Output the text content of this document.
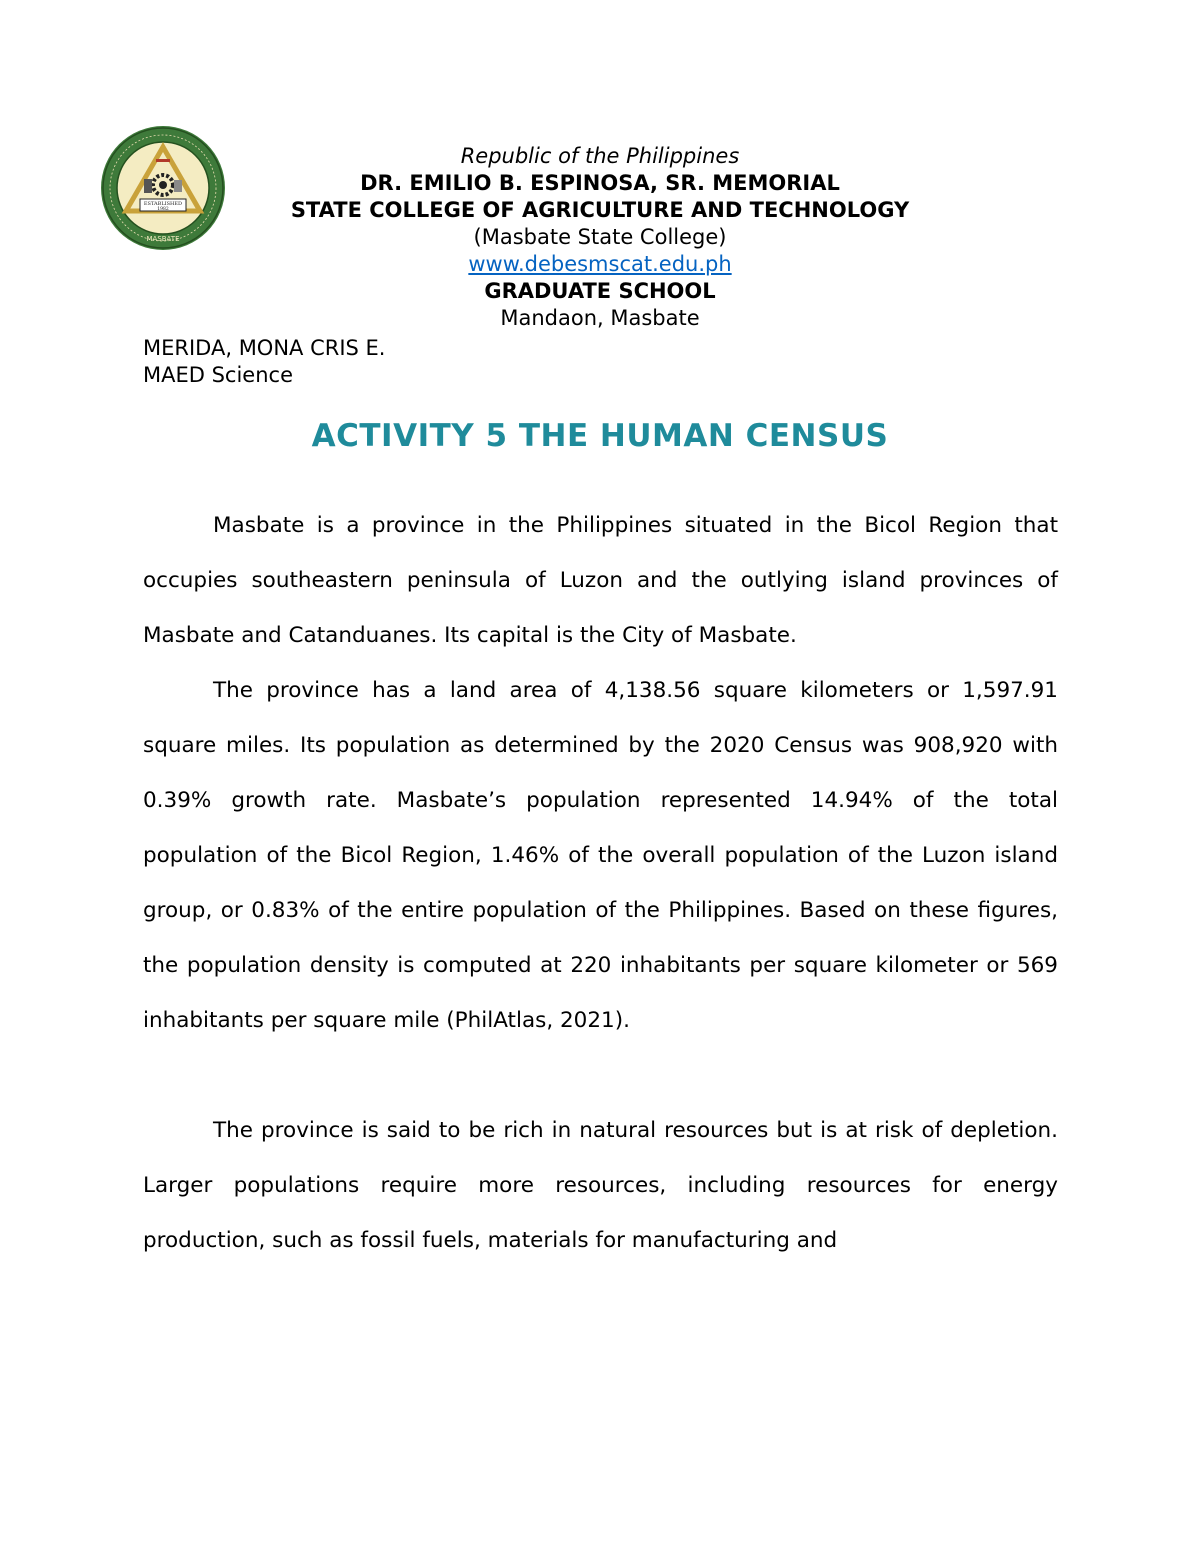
ESTABLISHED
1982
MASBATE
Republic of the Philippines
DR. EMILIO B. ESPINOSA, SR. MEMORIAL
STATE COLLEGE OF AGRICULTURE AND TECHNOLOGY
(Masbate State College)
www.debesmscat.edu.ph
GRADUATE SCHOOL
Mandaon, Masbate
MERIDA, MONA CRIS E.
MAED Science
ACTIVITY 5 THE HUMAN CENSUS

Masbate is a province in the Philippines situated in the Bicol Region that occupies southeastern peninsula of Luzon and the outlying island provinces of Masbate and Catanduanes. Its capital is the City of Masbate.

The province has a land area of 4,138.56 square kilometers or 1,597.91 square miles. Its population as determined by the 2020 Census was 908,920 with 0.39% growth rate. Masbate’s population represented 14.94% of the total population of the Bicol Region, 1.46% of the overall population of the Luzon island group, or 0.83% of the entire population of the Philippines. Based on these figures, the population density is computed at 220 inhabitants per square kilometer or 569 inhabitants per square mile (PhilAtlas, 2021).

The province is said to be rich in natural resources but is at risk of depletion. Larger populations require more resources, including resources for energy production, such as fossil fuels, materials for manufacturing and
